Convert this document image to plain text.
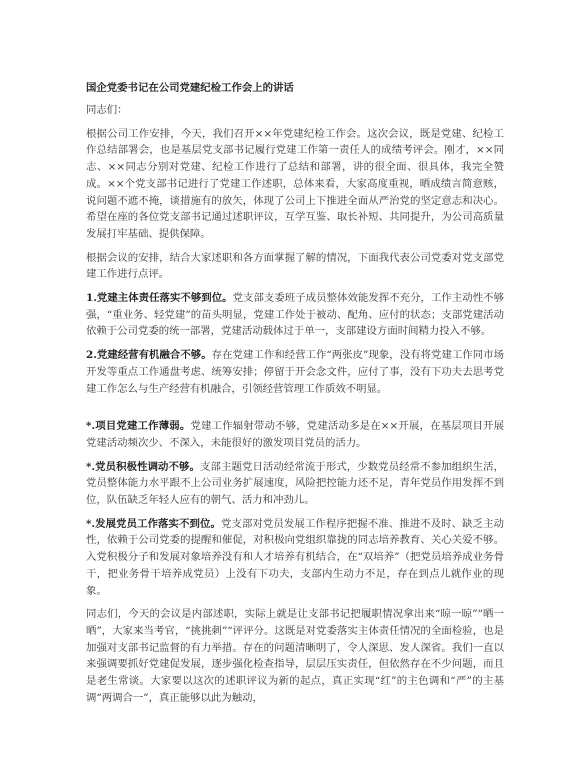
国企党委书记在公司党建纪检工作会上的讲话
同志们：
根据公司工作安排，今天，我们召开××年党建纪检工作会。这次会议，既是党建、纪检工作总结部署会，也是基层党支部书记履行党建工作第一责任人的成绩考评会。刚才，××同志、××同志分别对党建、纪检工作进行了总结和部署，讲的很全面、很具体，我完全赞成。××个党支部书记进行了党建工作述职，总体来看，大家高度重视，晒成绩言简意赅，说问题不遮不掩，谈措施有的放矢，体现了公司上下推进全面从严治党的坚定意志和决心。希望在座的各位党支部书记通过述职评议，互学互鉴、取长补短、共同提升，为公司高质量发展打牢基础、提供保障。
根据会议的安排，结合大家述职和各方面掌握了解的情况，下面我代表公司党委对党支部党建工作进行点评。
1.党建主体责任落实不够到位。党支部支委班子成员整体效能发挥不充分，工作主动性不够强，“重业务、轻党建”的苗头明显，党建工作处于被动、配角、应付的状态；支部党建活动依赖于公司党委的统一部署，党建活动载体过于单一，支部建设方面时间精力投入不够。
2.党建经营有机融合不够。存在党建工作和经营工作“两张皮”现象，没有将党建工作同市场开发等重点工作通盘考虑、统筹安排；停留于开会念文件，应付了事，没有下功夫去思考党建工作怎么与生产经营有机融合，引领经营管理工作质效不明显。
*.项目党建工作薄弱。党建工作辐射带动不够，党建活动多是在××开展，在基层项目开展党建活动频次少、不深入，未能很好的激发项目党员的活力。
*.党员积极性调动不够。支部主题党日活动经常流于形式，少数党员经常不参加组织生活，党员整体能力水平跟不上公司业务扩展速度，风险把控能力还不足，青年党员作用发挥不到位，队伍缺乏年轻人应有的朝气、活力和冲劲儿。
*.发展党员工作落实不到位。党支部对党员发展工作程序把握不准、推进不及时、缺乏主动性，依赖于公司党委的提醒和催促，对积极向党组织靠拢的同志培养教育、关心关爱不够。入党积极分子和发展对象培养没有和人才培养有机结合，在“双培养”（把党员培养成业务骨干，把业务骨干培养成党员）上没有下功夫，支部内生动力不足，存在到点儿就作业的现象。
同志们，今天的会议是内部述职，实际上就是让支部书记把履职情况拿出来“晾一晾”“晒一晒”，大家来当考官，“挑挑刺”“评评分。这既是对党委落实主体责任情况的全面检验，也是加强对支部书记监督的有力举措。存在的问题清晰明了，令人深思、发人深省。我们一直以来强调要抓好党建促发展，逐步强化检查指导，层层压实责任，但依然存在不少问题，而且是老生常谈。大家要以这次的述职评议为新的起点，真正实现“红”的主色调和“严”的主基调“两调合一”，真正能够以此为触动，
